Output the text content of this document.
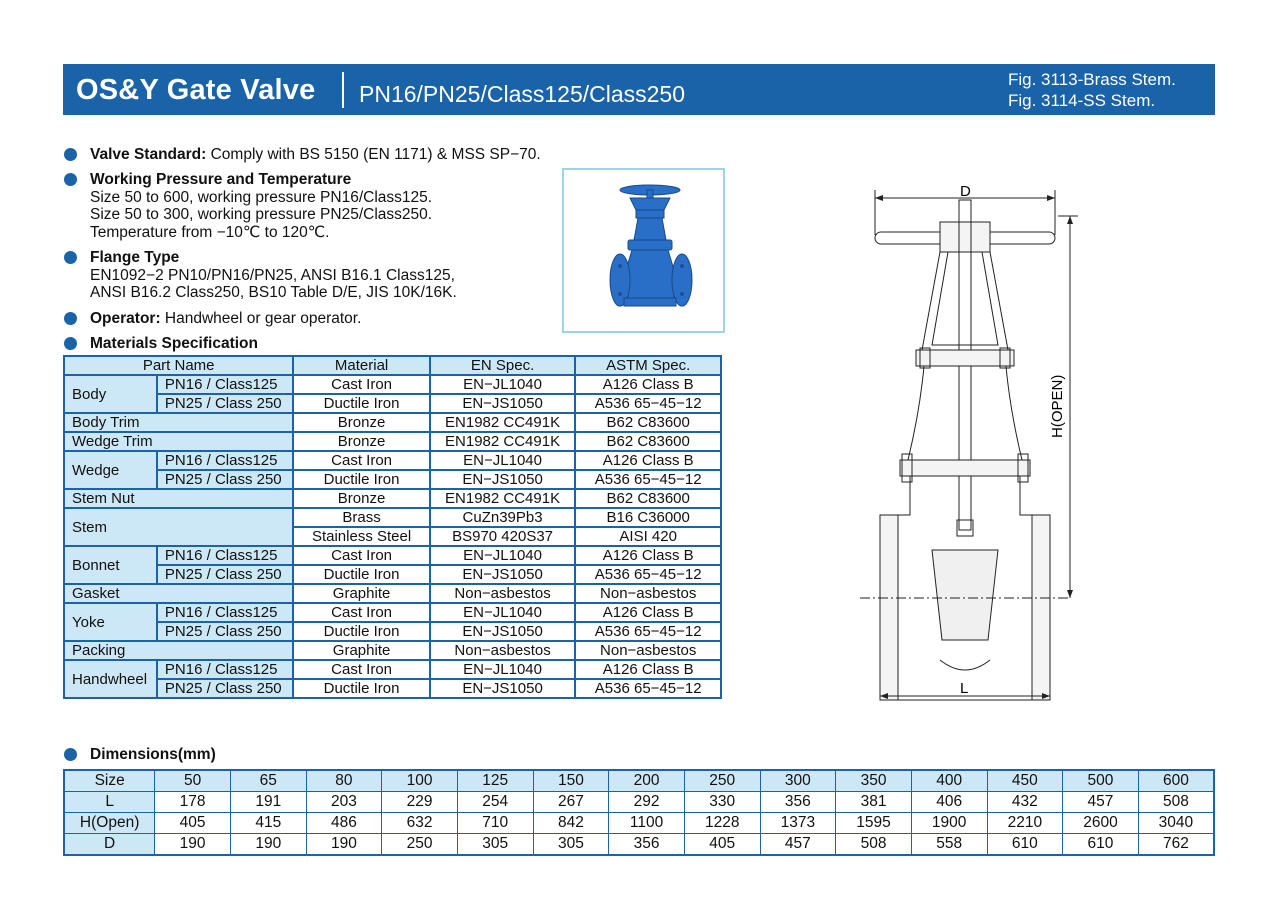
OS&Y Gate Valve PN16/PN25/Class125/Class250
Fig. 3113-Brass Stem.
Fig. 3114-SS Stem.
Valve Standard: Comply with BS 5150 (EN 1171) & MSS SP−70.
Working Pressure and Temperature
Size 50 to 600, working pressure PN16/Class125.
Size 50 to 300, working pressure PN25/Class250.
Temperature from −10℃ to 120℃.
Flange Type
EN1092−2 PN10/PN16/PN25, ANSI B16.1 Class125,
ANSI B16.2 Class250, BS10 Table D/E, JIS 10K/16K.
Operator: Handwheel or gear operator.
Materials Specification
Dimensions(mm)
Part Name		Material	EN Spec.	ASTM Spec.
Body	PN16 / Class125	Cast Iron	EN−JL1040	A126 Class B
	PN25 / Class 250	Ductile Iron	EN−JS1050	A536 65−45−12
Body Trim		Bronze	EN1982 CC491K	B62 C83600
Wedge Trim		Bronze	EN1982 CC491K	B62 C83600
Wedge	PN16 / Class125	Cast Iron	EN−JL1040	A126 Class B
	PN25 / Class 250	Ductile Iron	EN−JS1050	A536 65−45−12
Stem Nut		Bronze	EN1982 CC491K	B62 C83600
Stem		Brass	CuZn39Pb3	B16 C36000
		Stainless Steel	BS970 420S37	AISI 420
Bonnet	PN16 / Class125	Cast Iron	EN−JL1040	A126 Class B
	PN25 / Class 250	Ductile Iron	EN−JS1050	A536 65−45−12
Gasket		Graphite	Non−asbestos	Non−asbestos
Yoke	PN16 / Class125	Cast Iron	EN−JL1040	A126 Class B
	PN25 / Class 250	Ductile Iron	EN−JS1050	A536 65−45−12
Packing		Graphite	Non−asbestos	Non−asbestos
Handwheel	PN16 / Class125	Cast Iron	EN−JL1040	A126 Class B
	PN25 / Class 250	Ductile Iron	EN−JS1050	A536 65−45−12
D
L
H(OPEN)
Size	50	65	80	100	125	150	200	250	300	350	400	450	500	600
L	178	191	203	229	254	267	292	330	356	381	406	432	457	508
H(Open)	405	415	486	632	710	842	1100	1228	1373	1595	1900	2210	2600	3040
D	190	190	190	250	305	305	356	405	457	508	558	610	610	762
